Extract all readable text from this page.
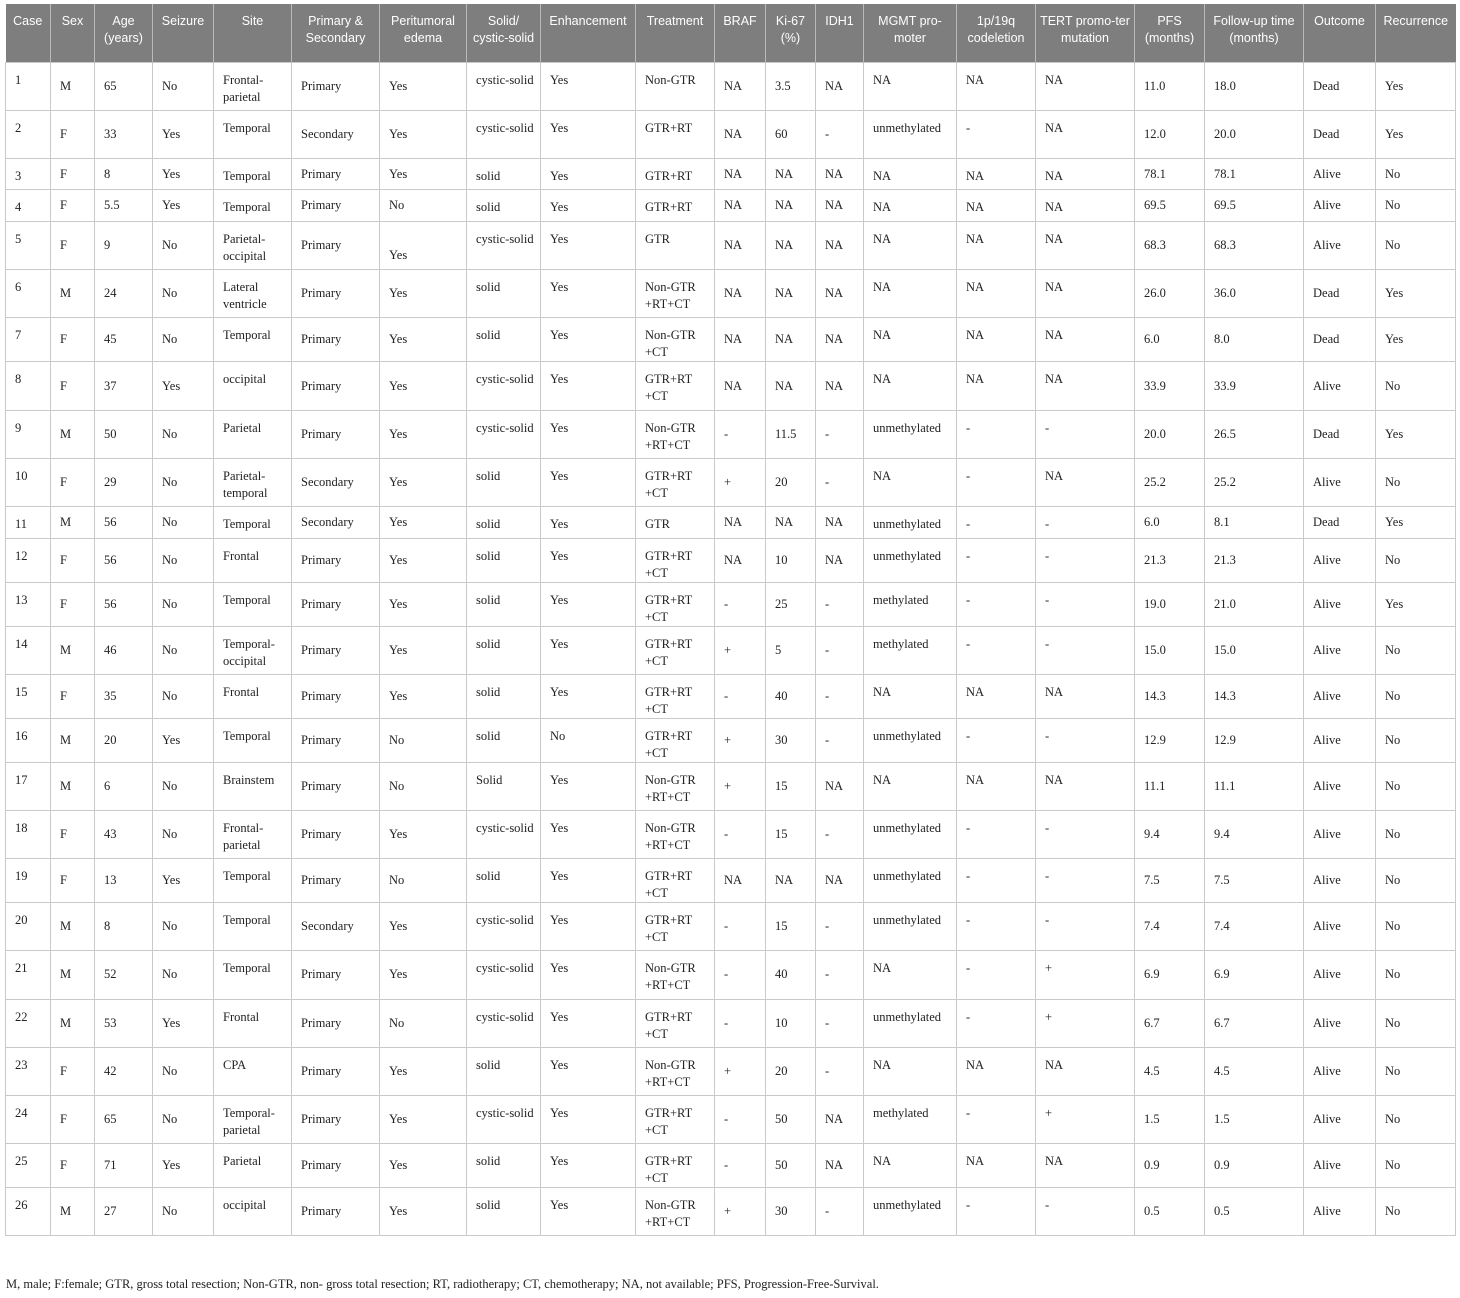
Case	Sex	Age (years)	Seizure	Site	Primary & Secondary	Peritumoral edema	Solid/ cystic-solid	Enhancement	Treatment	BRAF	Ki-67 (%)	IDH1	MGMT pro-moter	1p/19q codeletion	TERT promo-ter mutation	PFS (months)	Follow-up time (months)	Outcome	Recurrence
1	M	65	No	Frontal-parietal	Primary	Yes	cystic-solid	Yes	Non-GTR	NA	3.5	NA	NA	NA	NA	11.0	18.0	Dead	Yes
2	F	33	Yes	Temporal	Secondary	Yes	cystic-solid	Yes	GTR+RT	NA	60	-	unmethylated	-	NA	12.0	20.0	Dead	Yes
3	F	8	Yes	Temporal	Primary	Yes	solid	Yes	GTR+RT	NA	NA	NA	NA	NA	NA	78.1	78.1	Alive	No
4	F	5.5	Yes	Temporal	Primary	No	solid	Yes	GTR+RT	NA	NA	NA	NA	NA	NA	69.5	69.5	Alive	No
5	F	9	No	Parietal-occipital	Primary	Yes	cystic-solid	Yes	GTR	NA	NA	NA	NA	NA	NA	68.3	68.3	Alive	No
6	M	24	No	Lateral ventricle	Primary	Yes	solid	Yes	Non-GTR +RT+CT	NA	NA	NA	NA	NA	NA	26.0	36.0	Dead	Yes
7	F	45	No	Temporal	Primary	Yes	solid	Yes	Non-GTR +CT	NA	NA	NA	NA	NA	NA	6.0	8.0	Dead	Yes
8	F	37	Yes	occipital	Primary	Yes	cystic-solid	Yes	GTR+RT +CT	NA	NA	NA	NA	NA	NA	33.9	33.9	Alive	No
9	M	50	No	Parietal	Primary	Yes	cystic-solid	Yes	Non-GTR +RT+CT	-	11.5	-	unmethylated	-	-	20.0	26.5	Dead	Yes
10	F	29	No	Parietal-temporal	Secondary	Yes	solid	Yes	GTR+RT +CT	+	20	-	NA	-	NA	25.2	25.2	Alive	No
11	M	56	No	Temporal	Secondary	Yes	solid	Yes	GTR	NA	NA	NA	unmethylated	-	-	6.0	8.1	Dead	Yes
12	F	56	No	Frontal	Primary	Yes	solid	Yes	GTR+RT +CT	NA	10	NA	unmethylated	-	-	21.3	21.3	Alive	No
13	F	56	No	Temporal	Primary	Yes	solid	Yes	GTR+RT +CT	-	25	-	methylated	-	-	19.0	21.0	Alive	Yes
14	M	46	No	Temporal-occipital	Primary	Yes	solid	Yes	GTR+RT +CT	+	5	-	methylated	-	-	15.0	15.0	Alive	No
15	F	35	No	Frontal	Primary	Yes	solid	Yes	GTR+RT +CT	-	40	-	NA	NA	NA	14.3	14.3	Alive	No
16	M	20	Yes	Temporal	Primary	No	solid	No	GTR+RT +CT	+	30	-	unmethylated	-	-	12.9	12.9	Alive	No
17	M	6	No	Brainstem	Primary	No	Solid	Yes	Non-GTR +RT+CT	+	15	NA	NA	NA	NA	11.1	11.1	Alive	No
18	F	43	No	Frontal-parietal	Primary	Yes	cystic-solid	Yes	Non-GTR +RT+CT	-	15	-	unmethylated	-	-	9.4	9.4	Alive	No
19	F	13	Yes	Temporal	Primary	No	solid	Yes	GTR+RT +CT	NA	NA	NA	unmethylated	-	-	7.5	7.5	Alive	No
20	M	8	No	Temporal	Secondary	Yes	cystic-solid	Yes	GTR+RT +CT	-	15	-	unmethylated	-	-	7.4	7.4	Alive	No
21	M	52	No	Temporal	Primary	Yes	cystic-solid	Yes	Non-GTR +RT+CT	-	40	-	NA	-	+	6.9	6.9	Alive	No
22	M	53	Yes	Frontal	Primary	No	cystic-solid	Yes	GTR+RT +CT	-	10	-	unmethylated	-	+	6.7	6.7	Alive	No
23	F	42	No	CPA	Primary	Yes	solid	Yes	Non-GTR +RT+CT	+	20	-	NA	NA	NA	4.5	4.5	Alive	No
24	F	65	No	Temporal-parietal	Primary	Yes	cystic-solid	Yes	GTR+RT +CT	-	50	NA	methylated	-	+	1.5	1.5	Alive	No
25	F	71	Yes	Parietal	Primary	Yes	solid	Yes	GTR+RT +CT	-	50	NA	NA	NA	NA	0.9	0.9	Alive	No
26	M	27	No	occipital	Primary	Yes	solid	Yes	Non-GTR +RT+CT	+	30	-	unmethylated	-	-	0.5	0.5	Alive	No
M, male; F:female; GTR, gross total resection; Non-GTR, non- gross total resection; RT, radiotherapy; CT, chemotherapy; NA, not available; PFS, Progression-Free-Survival.
